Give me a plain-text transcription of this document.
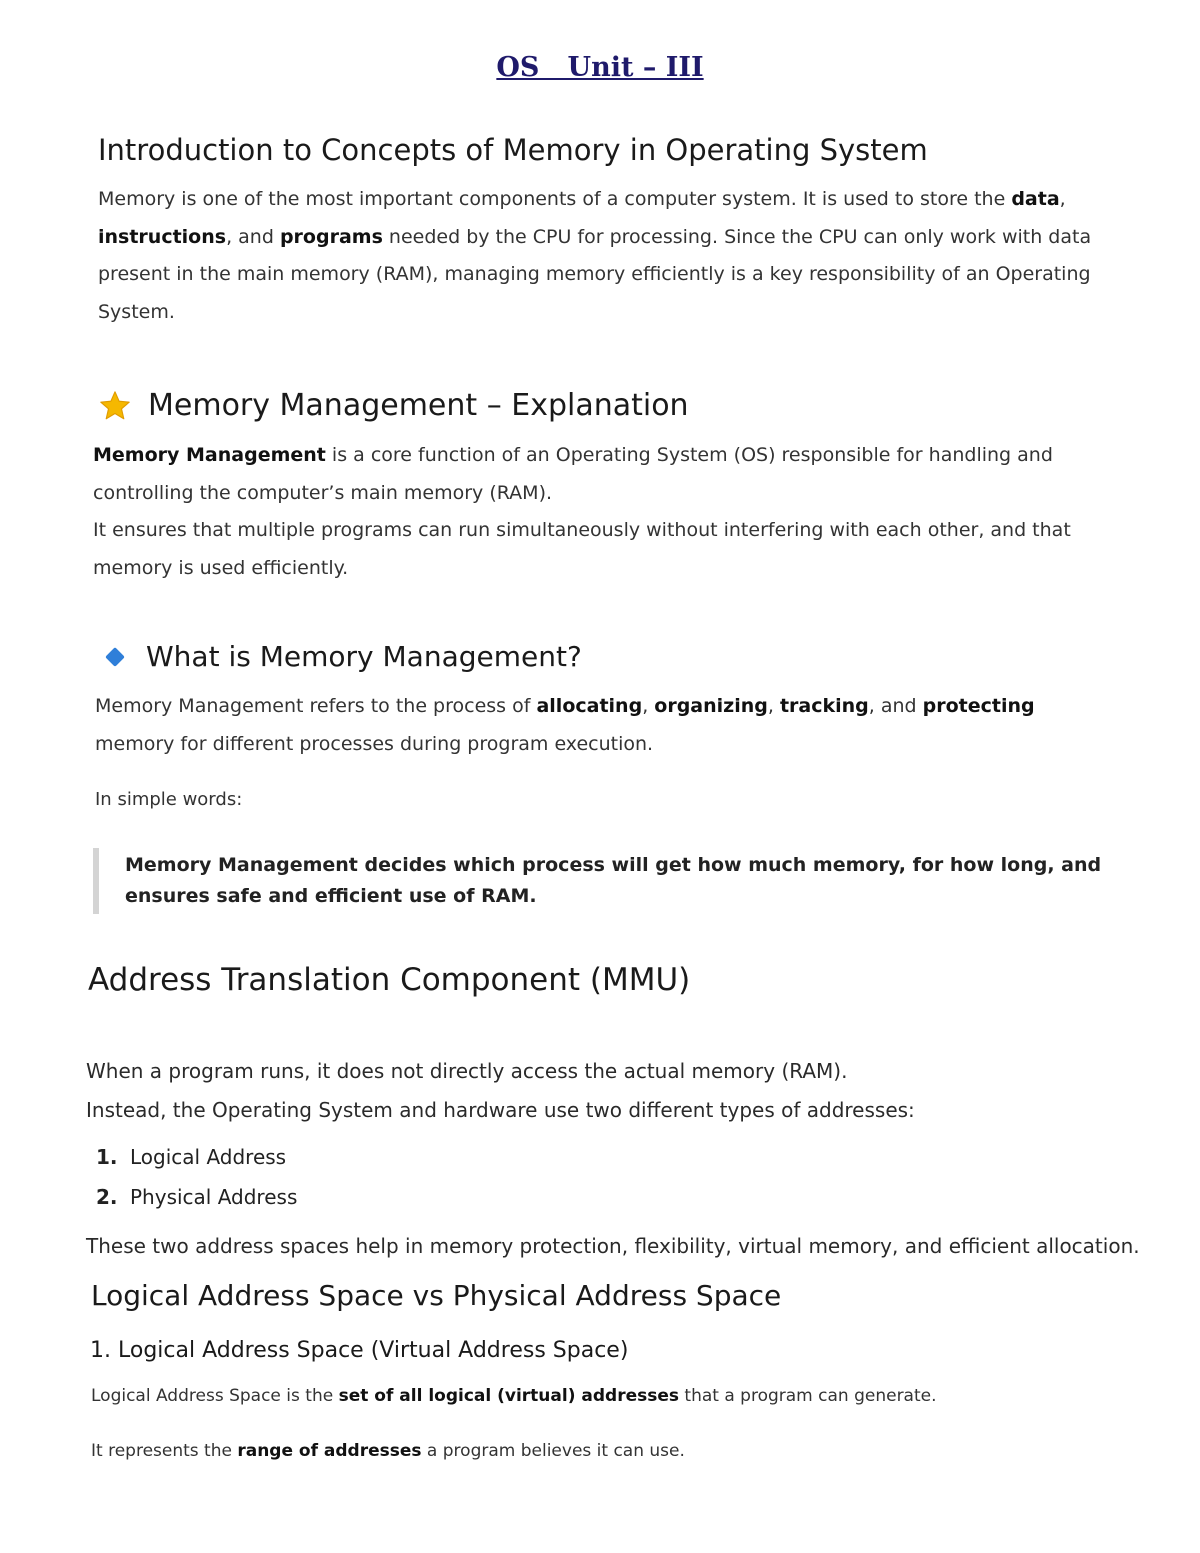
OS   Unit – III
Introduction to Concepts of Memory in Operating System

Memory is one of the most important components of a computer system. It is used to store the data, instructions, and programs needed by the CPU for processing. Since the CPU can only work with data present in the main memory (RAM), managing memory efficiently is a key responsibility of an Operating System.

Memory Management – Explanation

Memory Management is a core function of an Operating System (OS) responsible for handling and controlling the computer’s main memory (RAM).
It ensures that multiple programs can run simultaneously without interfering with each other, and that memory is used efficiently.

What is Memory Management?

Memory Management refers to the process of allocating, organizing, tracking, and protecting memory for different processes during program execution.

In simple words:

Memory Management decides which process will get how much memory, for how long, and ensures safe and efficient use of RAM.

Address Translation Component (MMU)

When a program runs, it does not directly access the actual memory (RAM).
Instead, the Operating System and hardware use two different types of addresses:

1. Logical Address
2. Physical Address

These two address spaces help in memory protection, flexibility, virtual memory, and efficient allocation.

Logical Address Space vs Physical Address Space
1. Logical Address Space (Virtual Address Space)

Logical Address Space is the set of all logical (virtual) addresses that a program can generate.

It represents the range of addresses a program believes it can use.
